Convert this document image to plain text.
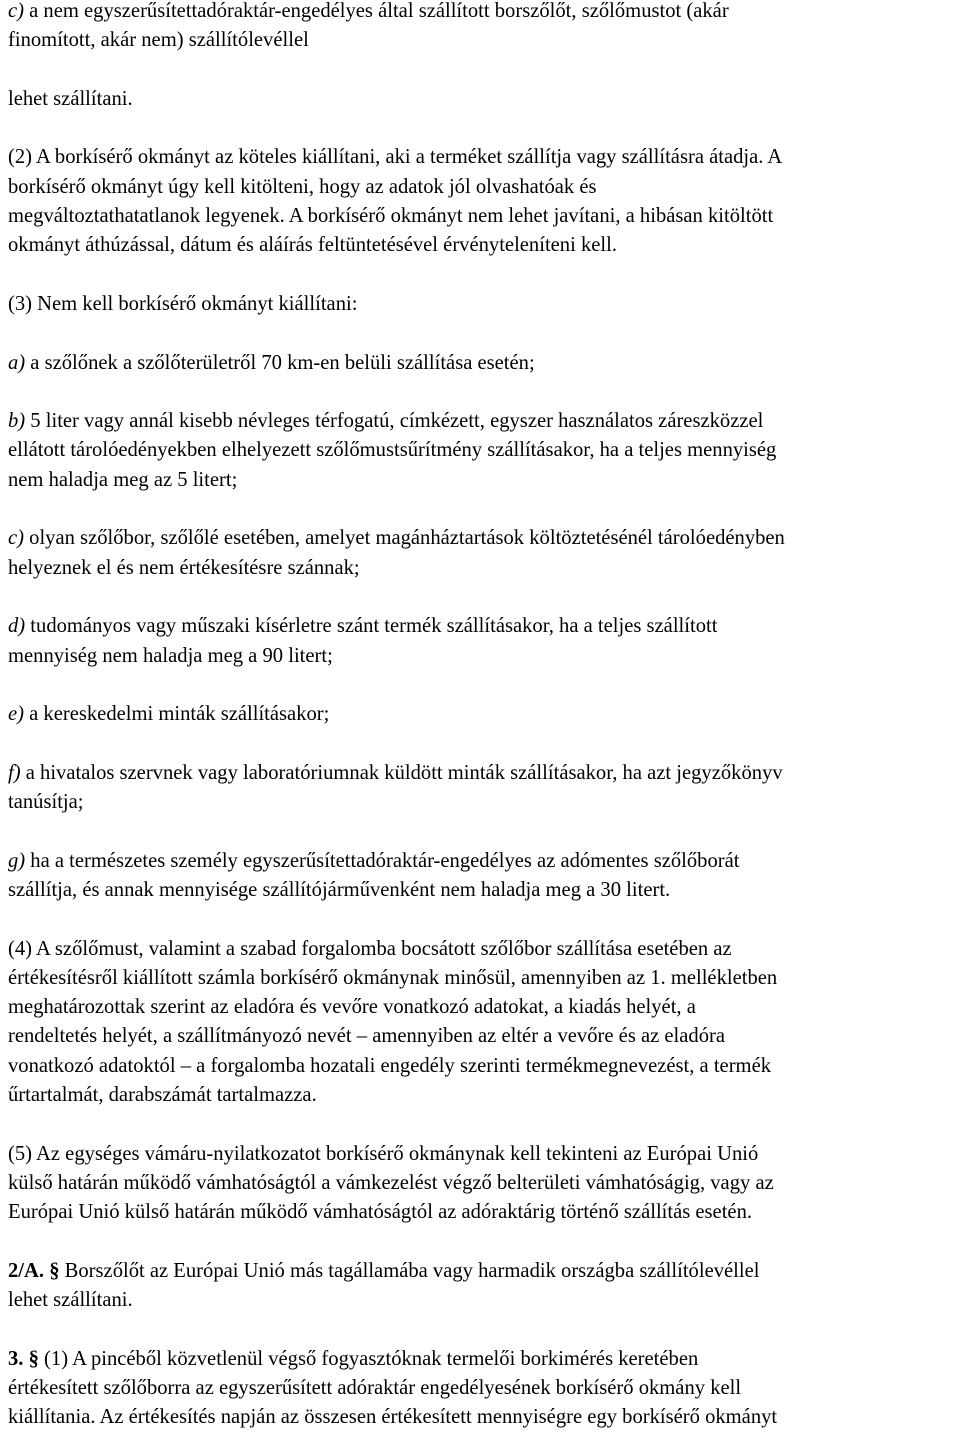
c) a nem egyszerűsítettadóraktár-engedélyes által szállított borszőlőt, szőlőmustot (akár
finomított, akár nem) szállítólevéllel
lehet szállítani.
(2) A borkísérő okmányt az köteles kiállítani, aki a terméket szállítja vagy szállításra átadja. A
borkísérő okmányt úgy kell kitölteni, hogy az adatok jól olvashatóak és
megváltoztathatatlanok legyenek. A borkísérő okmányt nem lehet javítani, a hibásan kitöltött
okmányt áthúzással, dátum és aláírás feltüntetésével érvényteleníteni kell.
(3) Nem kell borkísérő okmányt kiállítani:
a) a szőlőnek a szőlőterületről 70 km-en belüli szállítása esetén;
b) 5 liter vagy annál kisebb névleges térfogatú, címkézett, egyszer használatos záreszközzel
ellátott tárolóedényekben elhelyezett szőlőmustsűrítmény szállításakor, ha a teljes mennyiség
nem haladja meg az 5 litert;
c) olyan szőlőbor, szőlőlé esetében, amelyet magánháztartások költöztetésénél tárolóedényben
helyeznek el és nem értékesítésre szánnak;
d) tudományos vagy műszaki kísérletre szánt termék szállításakor, ha a teljes szállított
mennyiség nem haladja meg a 90 litert;
e) a kereskedelmi minták szállításakor;
f) a hivatalos szervnek vagy laboratóriumnak küldött minták szállításakor, ha azt jegyzőkönyv
tanúsítja;
g) ha a természetes személy egyszerűsítettadóraktár-engedélyes az adómentes szőlőborát
szállítja, és annak mennyisége szállítójárművenként nem haladja meg a 30 litert.
(4) A szőlőmust, valamint a szabad forgalomba bocsátott szőlőbor szállítása esetében az
értékesítésről kiállított számla borkísérő okmánynak minősül, amennyiben az 1. mellékletben
meghatározottak szerint az eladóra és vevőre vonatkozó adatokat, a kiadás helyét, a
rendeltetés helyét, a szállítmányozó nevét – amennyiben az eltér a vevőre és az eladóra
vonatkozó adatoktól – a forgalomba hozatali engedély szerinti termékmegnevezést, a termék
űrtartalmát, darabszámát tartalmazza.
(5) Az egységes vámáru-nyilatkozatot borkísérő okmánynak kell tekinteni az Európai Unió
külső határán működő vámhatóságtól a vámkezelést végző belterületi vámhatóságig, vagy az
Európai Unió külső határán működő vámhatóságtól az adóraktárig történő szállítás esetén.
2/A. § Borszőlőt az Európai Unió más tagállamába vagy harmadik országba szállítólevéllel
lehet szállítani.
3. § (1) A pincéből közvetlenül végső fogyasztóknak termelői borkimérés keretében
értékesített szőlőborra az egyszerűsített adóraktár engedélyesének borkísérő okmány kell
kiállítania. Az értékesítés napján az összesen értékesített mennyiségre egy borkísérő okmányt
